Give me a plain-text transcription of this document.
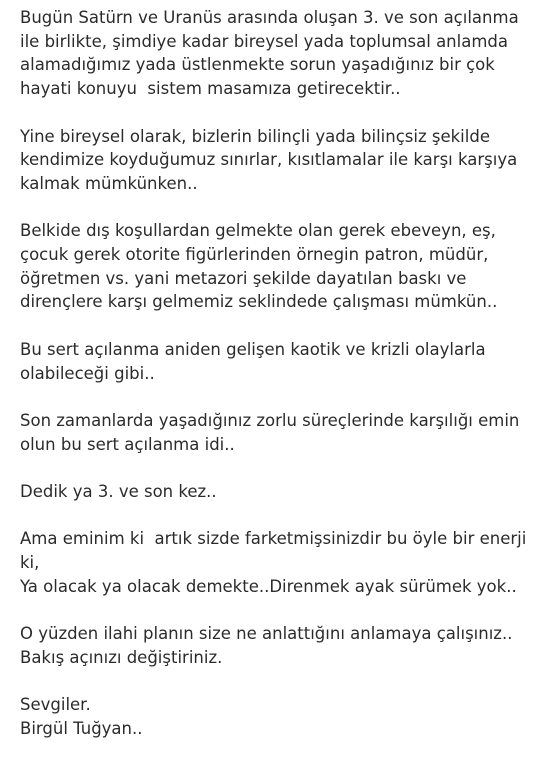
Bugün Satürn ve Uranüs arasında oluşan 3. ve son açılanma
ile birlikte, şimdiye kadar bireysel yada toplumsal anlamda
alamadığımız yada üstlenmekte sorun yaşadığınız bir çok
hayati konuyu  sistem masamıza getirecektir..
Yine bireysel olarak, bizlerin bilinçli yada bilinçsiz şekilde
kendimize koyduğumuz sınırlar, kısıtlamalar ile karşı karşıya
kalmak mümkünken..
Belkide dış koşullardan gelmekte olan gerek ebeveyn, eş,
çocuk gerek otorite figürlerinden örnegin patron, müdür,
öğretmen vs. yani metazori şekilde dayatılan baskı ve
dirençlere karşı gelmemiz seklindede çalışması mümkün..
Bu sert açılanma aniden gelişen kaotik ve krizli olaylarla
olabileceği gibi..
Son zamanlarda yaşadığınız zorlu süreçlerinde karşılığı emin
olun bu sert açılanma idi..
Dedik ya 3. ve son kez..
Ama eminim ki  artık sizde farketmişsinizdir bu öyle bir enerji
ki,
Ya olacak ya olacak demekte..Direnmek ayak sürümek yok..
O yüzden ilahi planın size ne anlattığını anlamaya çalışınız..
Bakış açınızı değiştiriniz.
Sevgiler.
Birgül Tuğyan..
